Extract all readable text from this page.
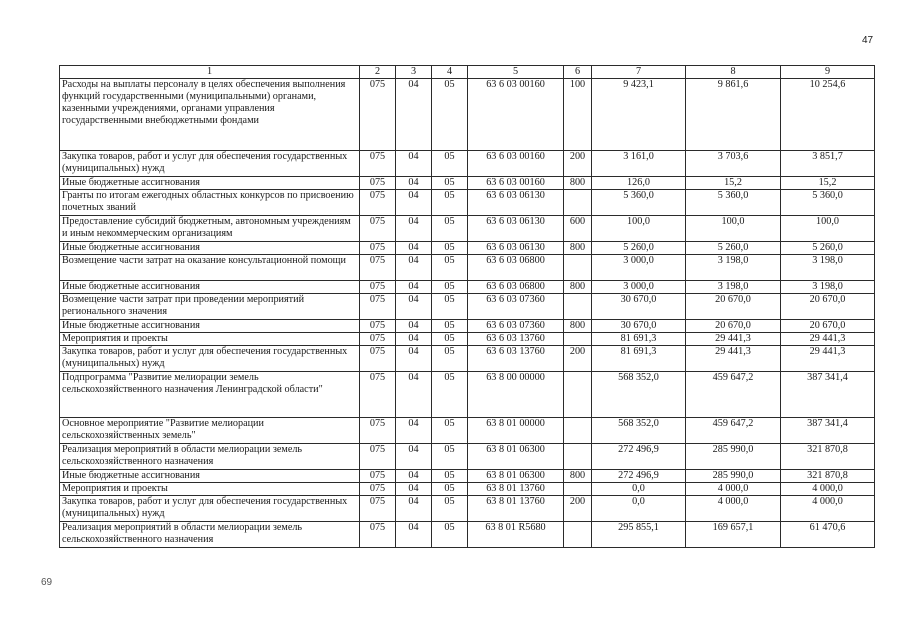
47
1	2	3	4	5	6	7	8	9
Расходы на выплаты персоналу в целях обеспечения выполнения функций государственными (муниципальными) органами, казенными учреждениями, органами управления государственными внебюджетными фондами	075	04	05	63 6 03 00160	100	9 423,1	9 861,6	10 254,6
Закупка товаров, работ и услуг для обеспечения государственных (муниципальных) нужд	075	04	05	63 6 03 00160	200	3 161,0	3 703,6	3 851,7
Иные бюджетные ассигнования	075	04	05	63 6 03 00160	800	126,0	15,2	15,2
Гранты по итогам ежегодных областных конкурсов по присвоению почетных званий	075	04	05	63 6 03 06130		5 360,0	5 360,0	5 360,0
Предоставление субсидий бюджетным, автономным учреждениям и иным некоммерческим организациям	075	04	05	63 6 03 06130	600	100,0	100,0	100,0
Иные бюджетные ассигнования	075	04	05	63 6 03 06130	800	5 260,0	5 260,0	5 260,0
Возмещение части затрат на оказание консультационной помощи	075	04	05	63 6 03 06800		3 000,0	3 198,0	3 198,0
Иные бюджетные ассигнования	075	04	05	63 6 03 06800	800	3 000,0	3 198,0	3 198,0
Возмещение части затрат при проведении мероприятий регионального значения	075	04	05	63 6 03 07360		30 670,0	20 670,0	20 670,0
Иные бюджетные ассигнования	075	04	05	63 6 03 07360	800	30 670,0	20 670,0	20 670,0
Мероприятия и проекты	075	04	05	63 6 03 13760		81 691,3	29 441,3	29 441,3
Закупка товаров, работ и услуг для обеспечения государственных (муниципальных) нужд	075	04	05	63 6 03 13760	200	81 691,3	29 441,3	29 441,3
Подпрограмма "Развитие мелиорации земель сельскохозяйственного назначения Ленинградской области"	075	04	05	63 8 00 00000		568 352,0	459 647,2	387 341,4
Основное мероприятие "Развитие мелиорации сельскохозяйственных земель"	075	04	05	63 8 01 00000		568 352,0	459 647,2	387 341,4
Реализация мероприятий в области мелиорации земель сельскохозяйственного назначения	075	04	05	63 8 01 06300		272 496,9	285 990,0	321 870,8
Иные бюджетные ассигнования	075	04	05	63 8 01 06300	800	272 496,9	285 990,0	321 870,8
Мероприятия и проекты	075	04	05	63 8 01 13760		0,0	4 000,0	4 000,0
Закупка товаров, работ и услуг для обеспечения государственных (муниципальных) нужд	075	04	05	63 8 01 13760	200	0,0	4 000,0	4 000,0
Реализация мероприятий в области мелиорации земель сельскохозяйственного назначения	075	04	05	63 8 01 R5680		295 855,1	169 657,1	61 470,6
69
